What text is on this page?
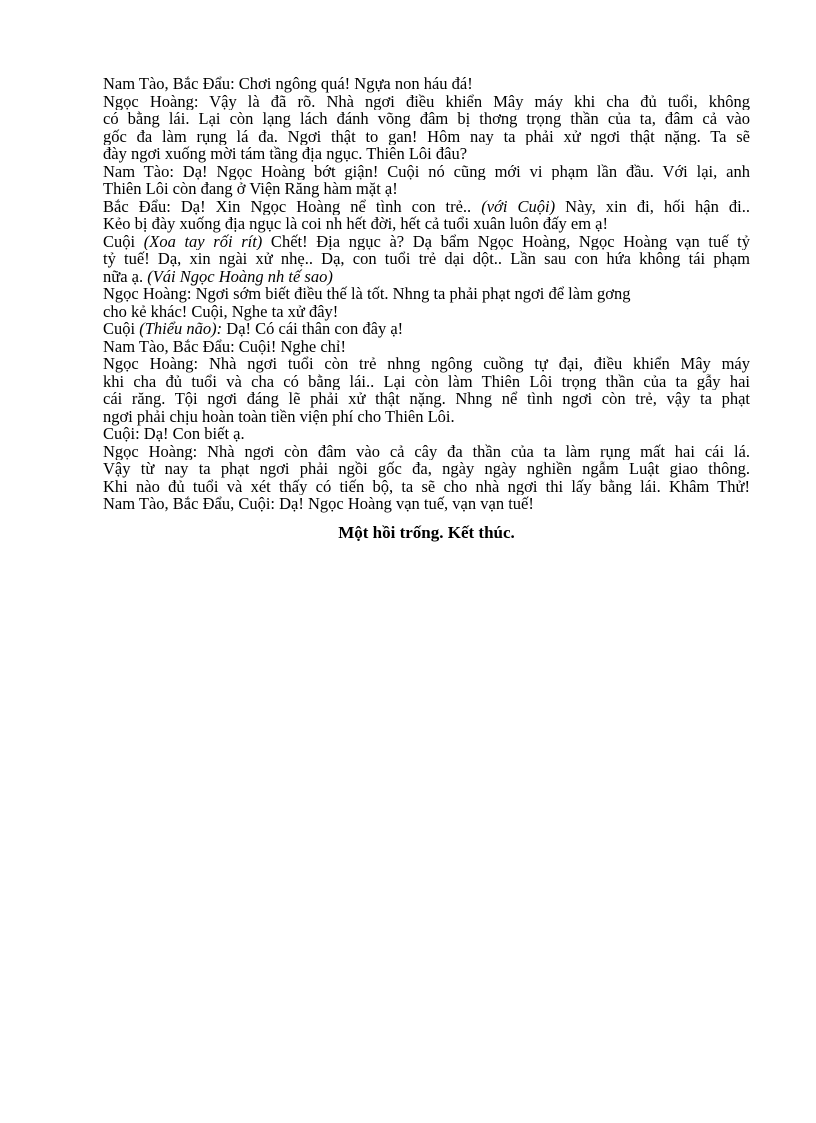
Nam Tào, Bắc Đẩu: Chơi ngông quá! Ngựa non háu đá!
Ngọc Hoàng: Vậy là đã rõ. Nhà ngơi điều khiển Mây máy khi cha đủ tuổi, không
có bằng lái. Lại còn lạng lách đánh võng đâm bị thơng trọng thần của ta, đâm cả vào
gốc đa làm rụng lá đa. Ngơi thật to gan! Hôm nay ta phải xử ngơi thật nặng. Ta sẽ
đày ngơi xuống mời tám tầng địa ngục. Thiên Lôi đâu?
Nam Tào: Dạ! Ngọc Hoàng bớt giận! Cuội nó cũng mới vi phạm lần đầu. Với lại, anh
Thiên Lôi còn đang ở Viện Răng hàm mặt ạ!
Bắc Đẩu: Dạ! Xin Ngọc Hoàng nể tình con trẻ.. (với Cuội) Này, xin đi, hối hận đi..
Kẻo bị đày xuống địa ngục là coi nh hết đời, hết cả tuổi xuân luôn đấy em ạ!
Cuội (Xoa tay rối rít) Chết! Địa ngục à? Dạ bẩm Ngọc Hoàng, Ngọc Hoàng vạn tuế tỷ
tỷ tuế! Dạ, xin ngài xử nhẹ.. Dạ, con tuổi trẻ dại dột.. Lần sau con hứa không tái phạm
nữa ạ. (Vái Ngọc Hoàng nh tế sao)
Ngọc Hoàng: Ngơi sớm biết điều thế là tốt. Nhng ta phải phạt ngơi để làm gơng
cho kẻ khác! Cuội, Nghe ta xử đây!
Cuội (Thiểu não): Dạ! Có cái thân con đây ạ!
Nam Tào, Bắc Đẩu: Cuội! Nghe chỉ!
Ngọc Hoàng: Nhà ngơi tuổi còn trẻ nhng ngông cuồng tự đại, điều khiển Mây máy
khi cha đủ tuổi và cha có bằng lái.. Lại còn làm Thiên Lôi trọng thần của ta gẫy hai
cái răng. Tội ngơi đáng lẽ phải xử thật nặng. Nhng nể tình ngơi còn trẻ, vậy ta phạt
ngơi phải chịu hoàn toàn tiền viện phí cho Thiên Lôi.
Cuội: Dạ! Con biết ạ.
Ngọc Hoàng: Nhà ngơi còn đâm vào cả cây đa thần của ta làm rụng mất hai cái lá.
Vậy từ nay ta phạt ngơi phải ngồi gốc đa, ngày ngày nghiền ngẫm Luật giao thông.
Khi nào đủ tuổi và xét thấy có tiến bộ, ta sẽ cho nhà ngơi thi lấy bằng lái. Khâm Thử!
Nam Tào, Bắc Đẩu, Cuội: Dạ! Ngọc Hoàng vạn tuế, vạn vạn tuế!
Một hồi trống. Kết thúc.
